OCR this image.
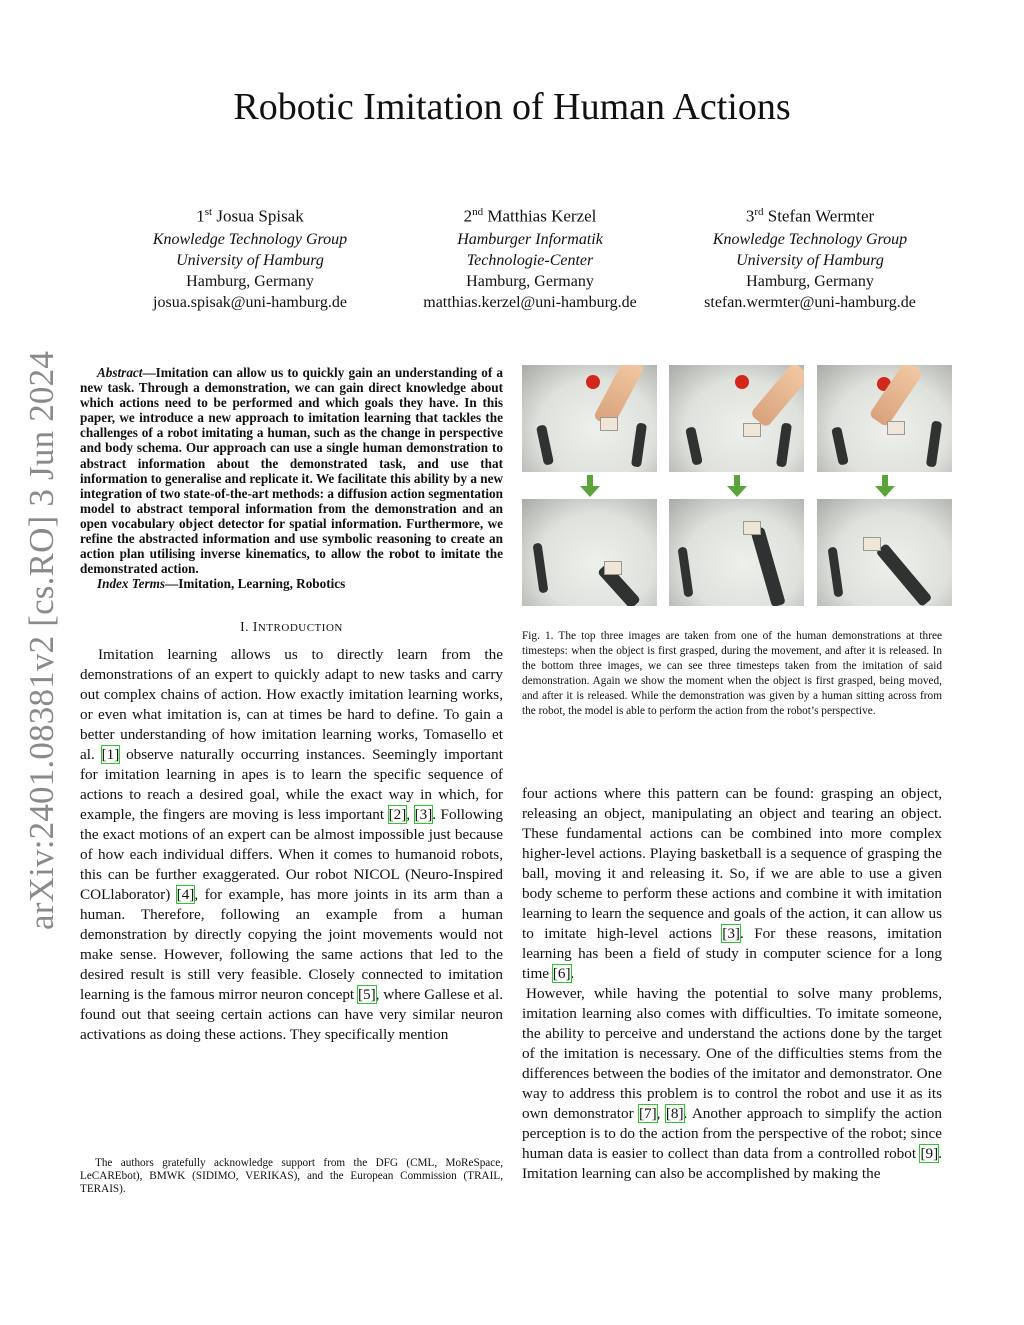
arXiv:2401.08381v2 [cs.RO] 3 Jun 2024
Robotic Imitation of Human Actions
1st Josua Spisak
Knowledge Technology Group
University of Hamburg
Hamburg, Germany
josua.spisak@uni-hamburg.de
2nd Matthias Kerzel
Hamburger Informatik
Technologie-Center
Hamburg, Germany
matthias.kerzel@uni-hamburg.de
3rd Stefan Wermter
Knowledge Technology Group
University of Hamburg
Hamburg, Germany
stefan.wermter@uni-hamburg.de

Abstract—Imitation can allow us to quickly gain an understanding of a new task. Through a demonstration, we can gain direct knowledge about which actions need to be performed and which goals they have. In this paper, we introduce a new approach to imitation learning that tackles the challenges of a robot imitating a human, such as the change in perspective and body schema. Our approach can use a single human demonstration to abstract information about the demonstrated task, and use that information to generalise and replicate it. We facilitate this ability by a new integration of two state-of-the-art methods: a diffusion action segmentation model to abstract temporal information from the demonstration and an open vocabulary object detector for spatial information. Furthermore, we refine the abstracted information and use symbolic reasoning to create an action plan utilising inverse kinematics, to allow the robot to imitate the demonstrated action.

Index Terms—Imitation, Learning, Robotics

I. INTRODUCTION

Imitation learning allows us to directly learn from the demonstrations of an expert to quickly adapt to new tasks and carry out complex chains of action. How exactly imitation learning works, or even what imitation is, can at times be hard to define. To gain a better understanding of how imitation learning works, Tomasello et al. [1] observe naturally occurring instances. Seemingly important for imitation learning in apes is to learn the specific sequence of actions to reach a desired goal, while the exact way in which, for example, the fingers are moving is less important [2], [3]. Following the exact motions of an expert can be almost impossible just because of how each individual differs. When it comes to humanoid robots, this can be further exaggerated. Our robot NICOL (Neuro-Inspired COLlaborator) [4], for example, has more joints in its arm than a human. Therefore, following an example from a human demonstration by directly copying the joint movements would not make sense. However, following the same actions that led to the desired result is still very feasible. Closely connected to imitation learning is the famous mirror neuron concept [5], where Gallese et al. found out that seeing certain actions can have very similar neuron activations as doing these actions. They specifically mention

The authors gratefully acknowledge support from the DFG (CML, MoReSpace, LeCAREbot), BMWK (SIDIMO, VERIKAS), and the European Commission (TRAIL, TERAIS).

Fig. 1. The top three images are taken from one of the human demonstrations at three timesteps: when the object is first grasped, during the movement, and after it is released. In the bottom three images, we can see three timesteps taken from the imitation of said demonstration. Again we show the moment when the object is first grasped, being moved, and after it is released. While the demonstration was given by a human sitting across from the robot, the model is able to perform the action from the robot’s perspective.

four actions where this pattern can be found: grasping an object, releasing an object, manipulating an object and tearing an object. These fundamental actions can be combined into more complex higher-level actions. Playing basketball is a sequence of grasping the ball, moving it and releasing it. So, if we are able to use a given body scheme to perform these actions and combine it with imitation learning to learn the sequence and goals of the action, it can allow us to imitate high-level actions [3]. For these reasons, imitation learning has been a field of study in computer science for a long time [6].

However, while having the potential to solve many problems, imitation learning also comes with difficulties. To imitate someone, the ability to perceive and understand the actions done by the target of the imitation is necessary. One of the difficulties stems from the differences between the bodies of the imitator and demonstrator. One way to address this problem is to control the robot and use it as its own demonstrator [7], [8]. Another approach to simplify the action perception is to do the action from the perspective of the robot; since human data is easier to collect than data from a controlled robot [9]. Imitation learning can also be accomplished by making the
